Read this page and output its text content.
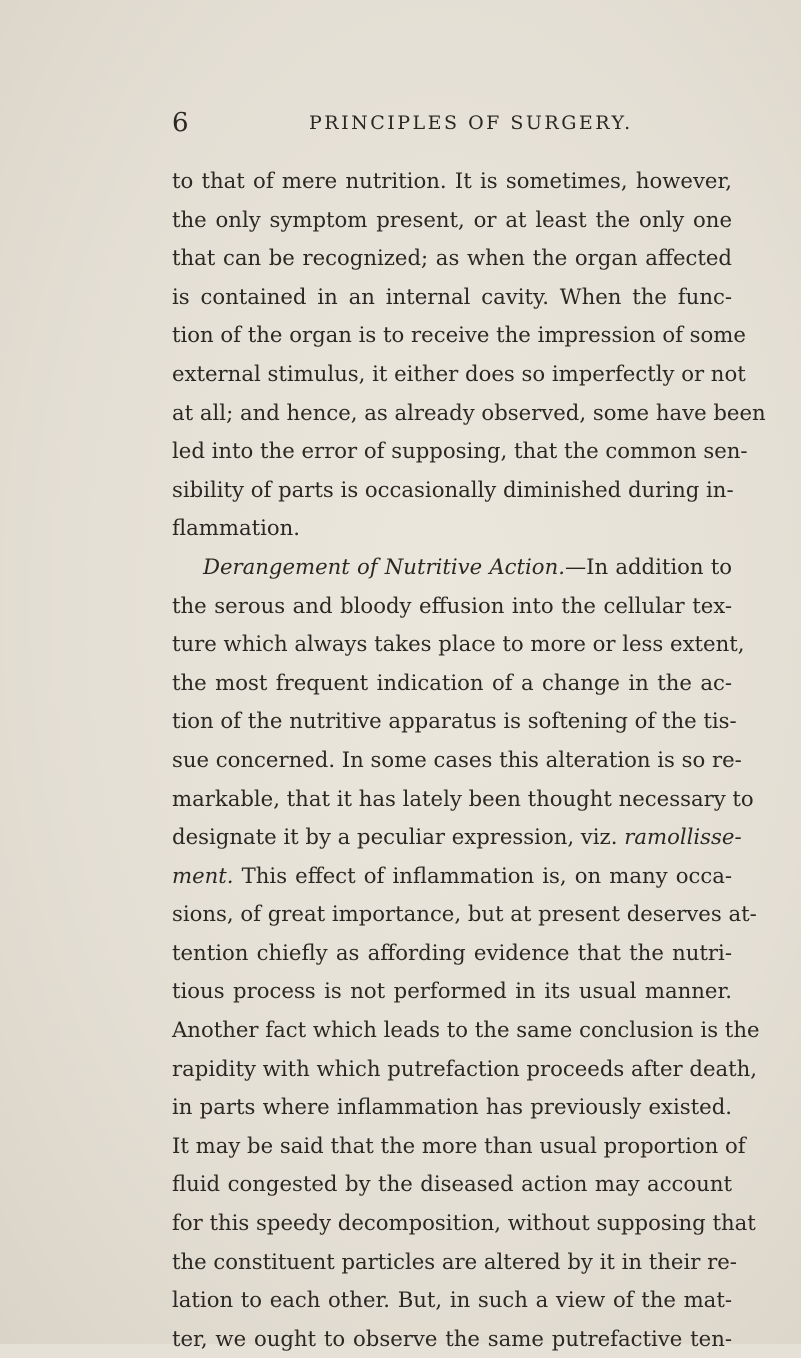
6	PRINCIPLES OF SURGERY.
to that of mere nutrition. It is sometimes, however,
the only symptom present, or at least the only one
that can be recognized; as when the organ affected
is contained in an internal cavity. When the func-
tion of the organ is to receive the impression of some
external stimulus, it either does so imperfectly or not
at all; and hence, as already observed, some have been
led into the error of supposing, that the common sen-
sibility of parts is occasionally diminished during in-
flammation.
Derangement of Nutritive Action.—In addition to
the serous and bloody effusion into the cellular tex-
ture which always takes place to more or less extent,
the most frequent indication of a change in the ac-
tion of the nutritive apparatus is softening of the tis-
sue concerned. In some cases this alteration is so re-
markable, that it has lately been thought necessary to
designate it by a peculiar expression, viz. ramollisse-
ment. This effect of inflammation is, on many occa-
sions, of great importance, but at present deserves at-
tention chiefly as affording evidence that the nutri-
tious process is not performed in its usual manner.
Another fact which leads to the same conclusion is the
rapidity with which putrefaction proceeds after death,
in parts where inflammation has previously existed.
It may be said that the more than usual proportion of
fluid congested by the diseased action may account
for this speedy decomposition, without supposing that
the constituent particles are altered by it in their re-
lation to each other. But, in such a view of the mat-
ter, we ought to observe the same putrefactive ten-
